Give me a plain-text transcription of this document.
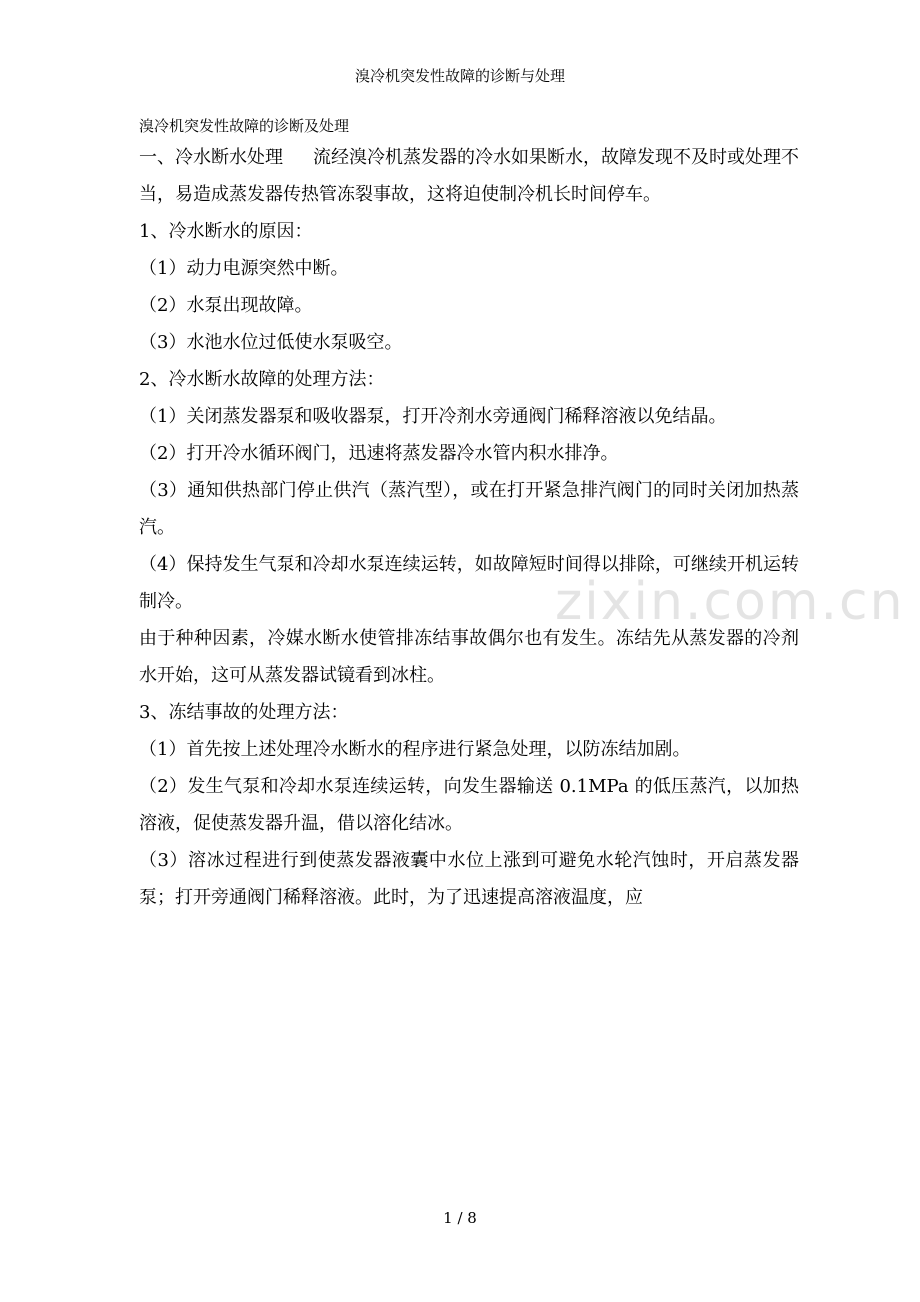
溴冷机突发性故障的诊断与处理
溴冷机突发性故障的诊断及处理
zixin.com.cn

一、冷水断水处理 流经溴冷机蒸发器的冷水如果断水，故障发现不及时或处理不当，易造成蒸发器传热管冻裂事故，这将迫使制冷机长时间停车。

1、冷水断水的原因：

（1）动力电源突然中断。

（2）水泵出现故障。

（3）水池水位过低使水泵吸空。

2、冷水断水故障的处理方法：

（1）关闭蒸发器泵和吸收器泵，打开冷剂水旁通阀门稀释溶液以免结晶。

（2）打开冷水循环阀门，迅速将蒸发器冷水管内积水排净。

（3）通知供热部门停止供汽（蒸汽型），或在打开紧急排汽阀门的同时关闭加热蒸汽。

（4）保持发生气泵和冷却水泵连续运转，如故障短时间得以排除，可继续开机运转制冷。

由于种种因素，冷媒水断水使管排冻结事故偶尔也有发生。冻结先从蒸发器的冷剂水开始，这可从蒸发器试镜看到冰柱。

3、冻结事故的处理方法：

（1）首先按上述处理冷水断水的程序进行紧急处理，以防冻结加剧。

（2）发生气泵和冷却水泵连续运转，向发生器输送 0.1MPa 的低压蒸汽，以加热溶液，促使蒸发器升温，借以溶化结冰。

（3）溶冰过程进行到使蒸发器液囊中水位上涨到可避免水轮汽蚀时，开启蒸发器泵；打开旁通阀门稀释溶液。此时，为了迅速提高溶液温度，应

1 / 8
